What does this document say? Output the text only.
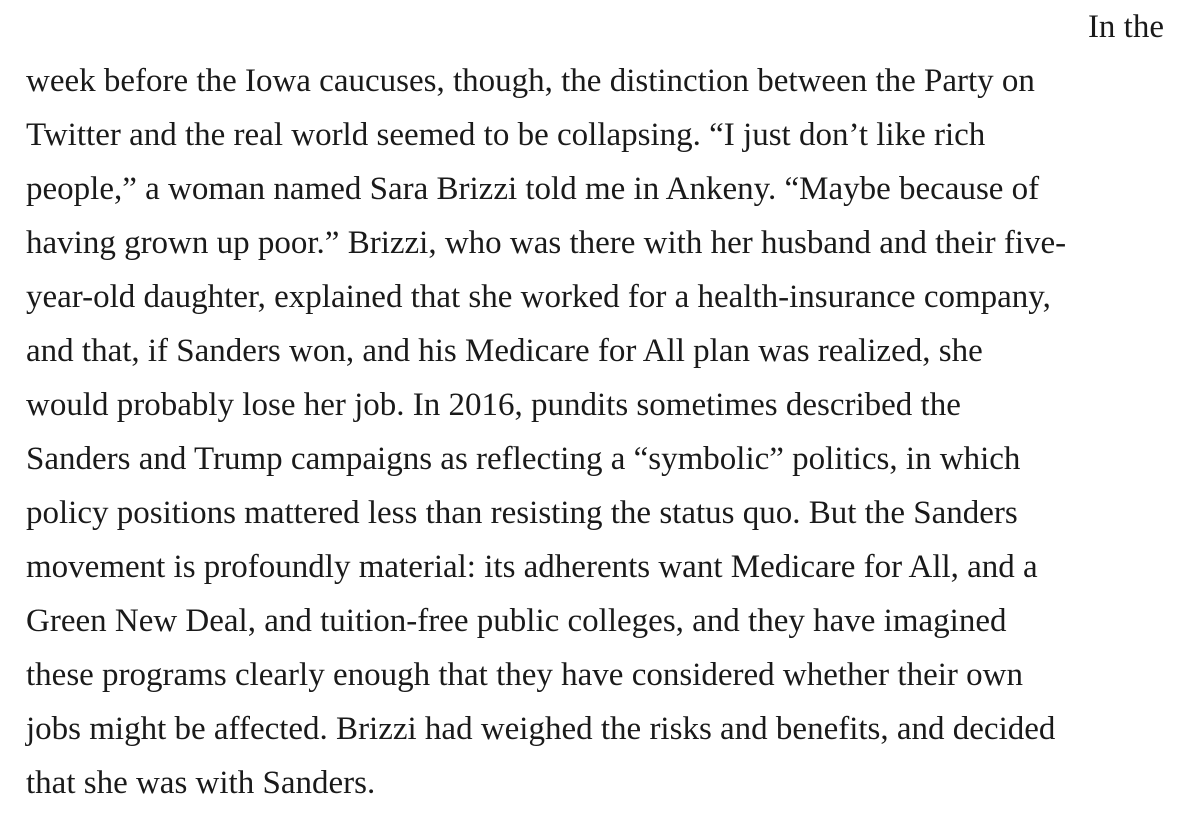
In the
week before the Iowa caucuses, though, the distinction between the Party on
Twitter and the real world seemed to be collapsing. “I just don’t like rich
people,” a woman named Sara Brizzi told me in Ankeny. “Maybe because of
having grown up poor.” Brizzi, who was there with her husband and their five-
year-old daughter, explained that she worked for a health-insurance company,
and that, if Sanders won, and his Medicare for All plan was realized, she
would probably lose her job. In 2016, pundits sometimes described the
Sanders and Trump campaigns as reflecting a “symbolic” politics, in which
policy positions mattered less than resisting the status quo. But the Sanders
movement is profoundly material: its adherents want Medicare for All, and a
Green New Deal, and tuition-free public colleges, and they have imagined
these programs clearly enough that they have considered whether their own
jobs might be affected. Brizzi had weighed the risks and benefits, and decided
that she was with Sanders.
